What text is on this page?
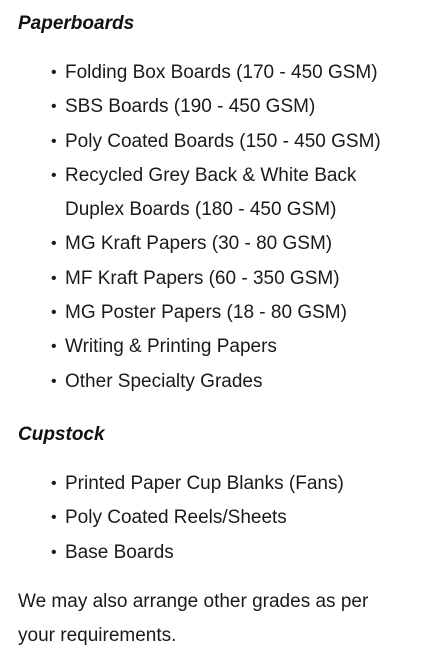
Paperboards
• Folding Box Boards (170 - 450 GSM)
• SBS Boards (190 - 450 GSM)
• Poly Coated Boards (150 - 450 GSM)
• Recycled Grey Back & White Back Duplex Boards (180 - 450 GSM)
• MG Kraft Papers (30 - 80 GSM)
• MF Kraft Papers (60 - 350 GSM)
• MG Poster Papers (18 - 80 GSM)
• Writing & Printing Papers
• Other Specialty Grades
Cupstock
• Printed Paper Cup Blanks (Fans)
• Poly Coated Reels/Sheets
• Base Boards

We may also arrange other grades as per your requirements.
